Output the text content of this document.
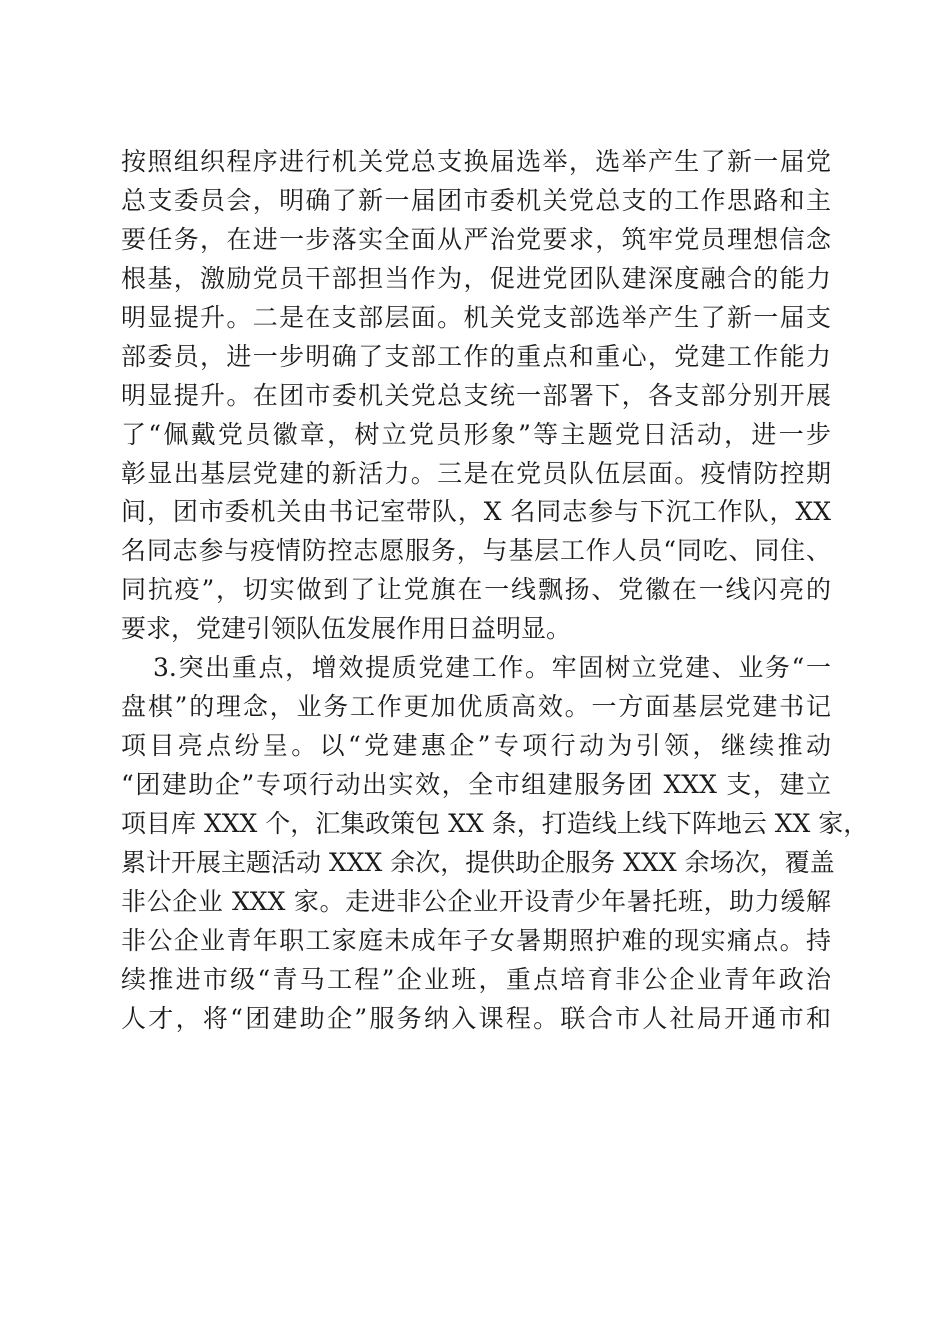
按照组织程序进行机关党总支换届选举，选举产生了新一届党
总支委员会，明确了新一届团市委机关党总支的工作思路和主
要任务，在进一步落实全面从严治党要求，筑牢党员理想信念
根基，激励党员干部担当作为，促进党团队建深度融合的能力
明显提升。二是在支部层面。机关党支部选举产生了新一届支
部委员，进一步明确了支部工作的重点和重心，党建工作能力
明显提升。在团市委机关党总支统一部署下，各支部分别开展
了“佩戴党员徽章，树立党员形象”等主题党日活动，进一步
彰显出基层党建的新活力。三是在党员队伍层面。疫情防控期
间，团市委机关由书记室带队，X 名同志参与下沉工作队，XX
名同志参与疫情防控志愿服务，与基层工作人员“同吃、同住、
同抗疫”，切实做到了让党旗在一线飘扬、党徽在一线闪亮的
要求，党建引领队伍发展作用日益明显。
3.突出重点，增效提质党建工作。牢固树立党建、业务“一
盘棋”的理念，业务工作更加优质高效。一方面基层党建书记
项目亮点纷呈。以“党建惠企”专项行动为引领，继续推动
“团建助企”专项行动出实效，全市组建服务团 XXX 支，建立
项目库 XXX 个，汇集政策包 XX 条，打造线上线下阵地云 XX 家，
累计开展主题活动 XXX 余次，提供助企服务 XXX 余场次，覆盖
非公企业 XXX 家。走进非公企业开设青少年暑托班，助力缓解
非公企业青年职工家庭未成年子女暑期照护难的现实痛点。持
续推进市级“青马工程”企业班，重点培育非公企业青年政治
人才，将“团建助企”服务纳入课程。联合市人社局开通市和
